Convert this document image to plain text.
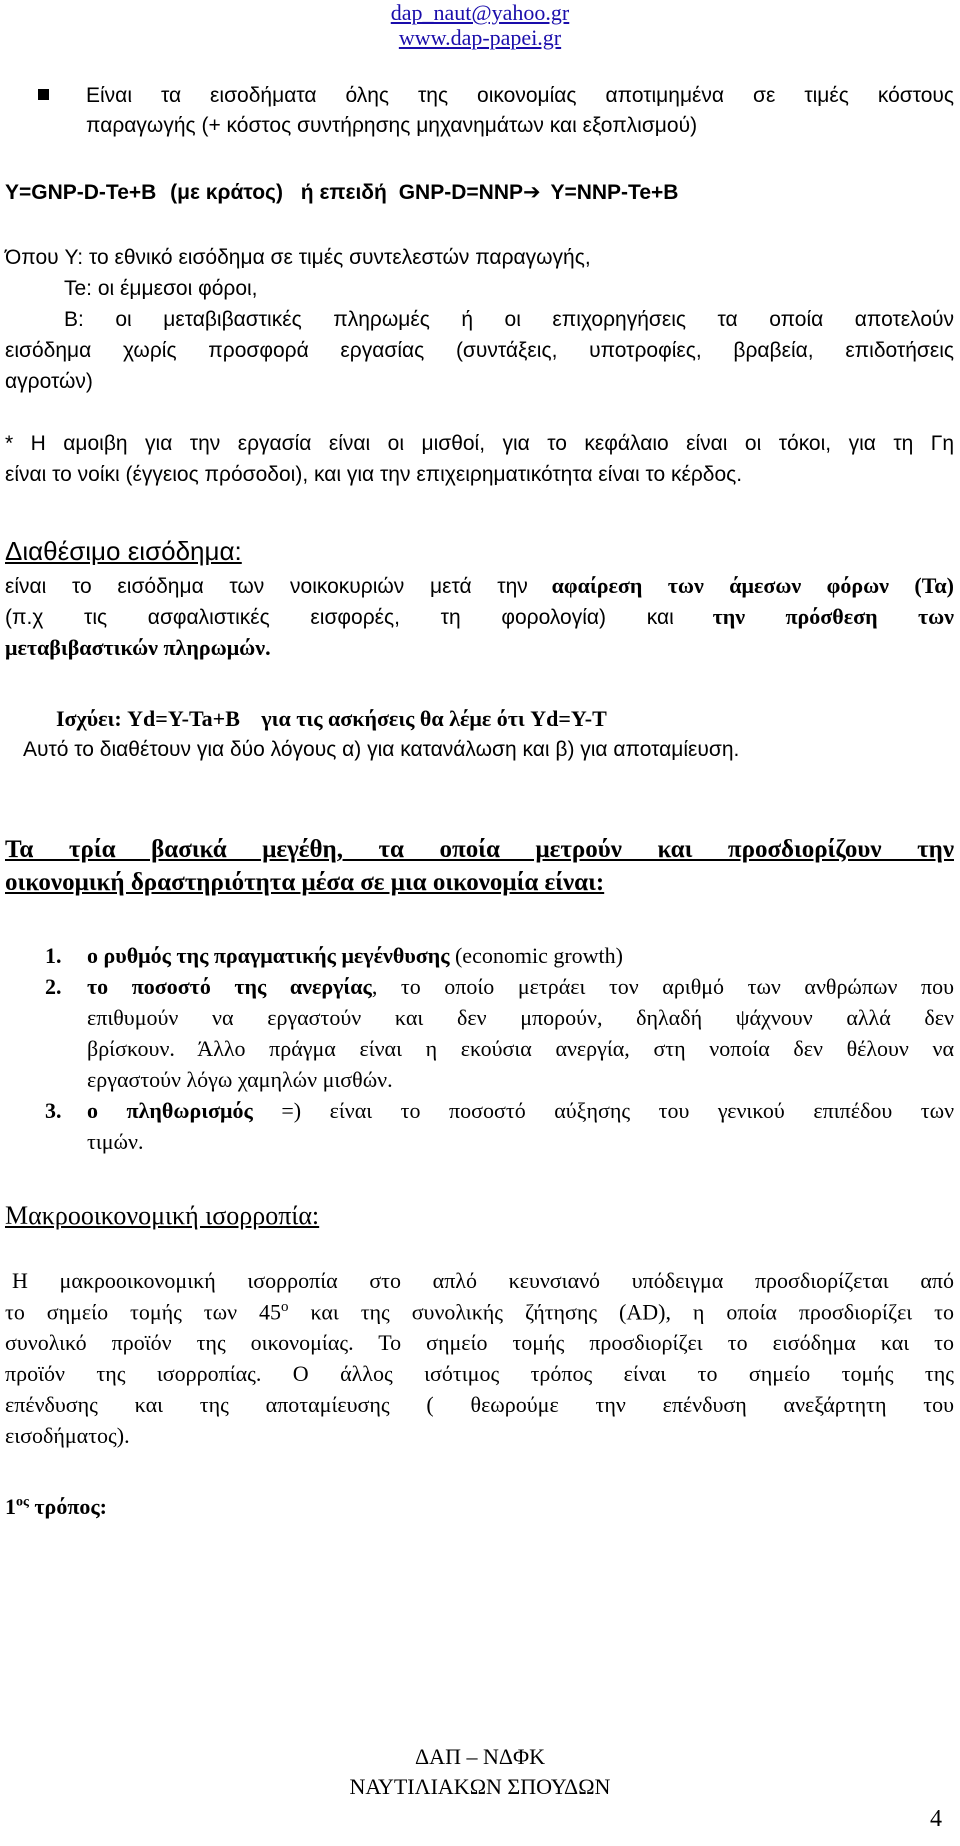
dap_naut@yahoo.gr
www.dap-papei.gr
Είναι τα εισοδήματα όλης της οικονομίας αποτιμημένα σε τιμές κόστους
παραγωγής (+ κόστος συντήρησης μηχανημάτων και εξοπλισμού)
Y=GNP-D-Te+B (με κράτος) ή επειδή GNP-D=NNP➔ Y=NNP-Te+B
Όπου Y: το εθνικό εισόδημα σε τιμές συντελεστών παραγωγής,
Te: οι έμμεσοι φόροι,
B: οι μεταβιβαστικές πληρωμές ή οι επιχορηγήσεις τα οποία αποτελούν
εισόδημα χωρίς προσφορά εργασίας (συντάξεις, υποτροφίες, βραβεία, επιδοτήσεις
αγροτών)
* Η αμοιβη για την εργασία είναι οι μισθοί, για το κεφάλαιο είναι οι τόκοι, για τη Γη
είναι το νοίκι (έγγειος πρόσοδοι), και για την επιχειρηματικότητα είναι το κέρδος.
Διαθέσιμο εισόδημα:
είναι το εισόδημα των νοικοκυριών μετά την αφαίρεση των άμεσων φόρων (Τα)
(π.χ τις ασφαλιστικές εισφορές, τη φορολογία) και την πρόσθεση των
μεταβιβαστικών πληρωμών.
Ισχύει: Yd=Y-Ta+B για τις ασκήσεις θα λέμε ότι Yd=Y-T
Αυτό το διαθέτουν για δύο λόγους α) για κατανάλωση και β) για αποταμίευση.
Τα τρία βασικά μεγέθη, τα οποία μετρούν και προσδιορίζουν την
οικονομική δραστηριότητα μέσα σε μια οικονομία είναι:
1. ο ρυθμός της πραγματικής μεγένθυσης (economic growth)
2. το ποσοστό της ανεργίας, το οποίο μετράει τον αριθμό των ανθρώπων που
επιθυμούν να εργαστούν και δεν μπορούν, δηλαδή ψάχνουν αλλά δεν
βρίσκουν. Άλλο πράγμα είναι η εκούσια ανεργία, στη νοποία δεν θέλουν να
εργαστούν λόγω χαμηλών μισθών.
3. ο πληθωρισμός =) είναι το ποσοστό αύξησης του γενικού επιπέδου των
τιμών.
Μακροοικονομική ισορροπία:
Η μακροοικονομική ισορροπία στο απλό κευνσιανό υπόδειγμα προσδιορίζεται από
το σημείο τομής των $45^o$ και της συνολικής ζήτησης (AD), η οποία προσδιορίζει το
συνολικό προϊόν της οικονομίας. Το σημείο τομής προσδιορίζει το εισόδημα και το
προϊόν της ισορροπίας. Ο άλλος ισότιμος τρόπος είναι το σημείο τομής της
επένδυσης και της αποταμίευσης ( θεωρούμε την επένδυση ανεξάρτητη του
εισοδήματος).
$1^{o\varsigma}$ τρόπος:
ΔΑΠ – ΝΔΦΚ
ΝΑΥΤΙΛΙΑΚΩΝ ΣΠΟΥΔΩΝ
4
